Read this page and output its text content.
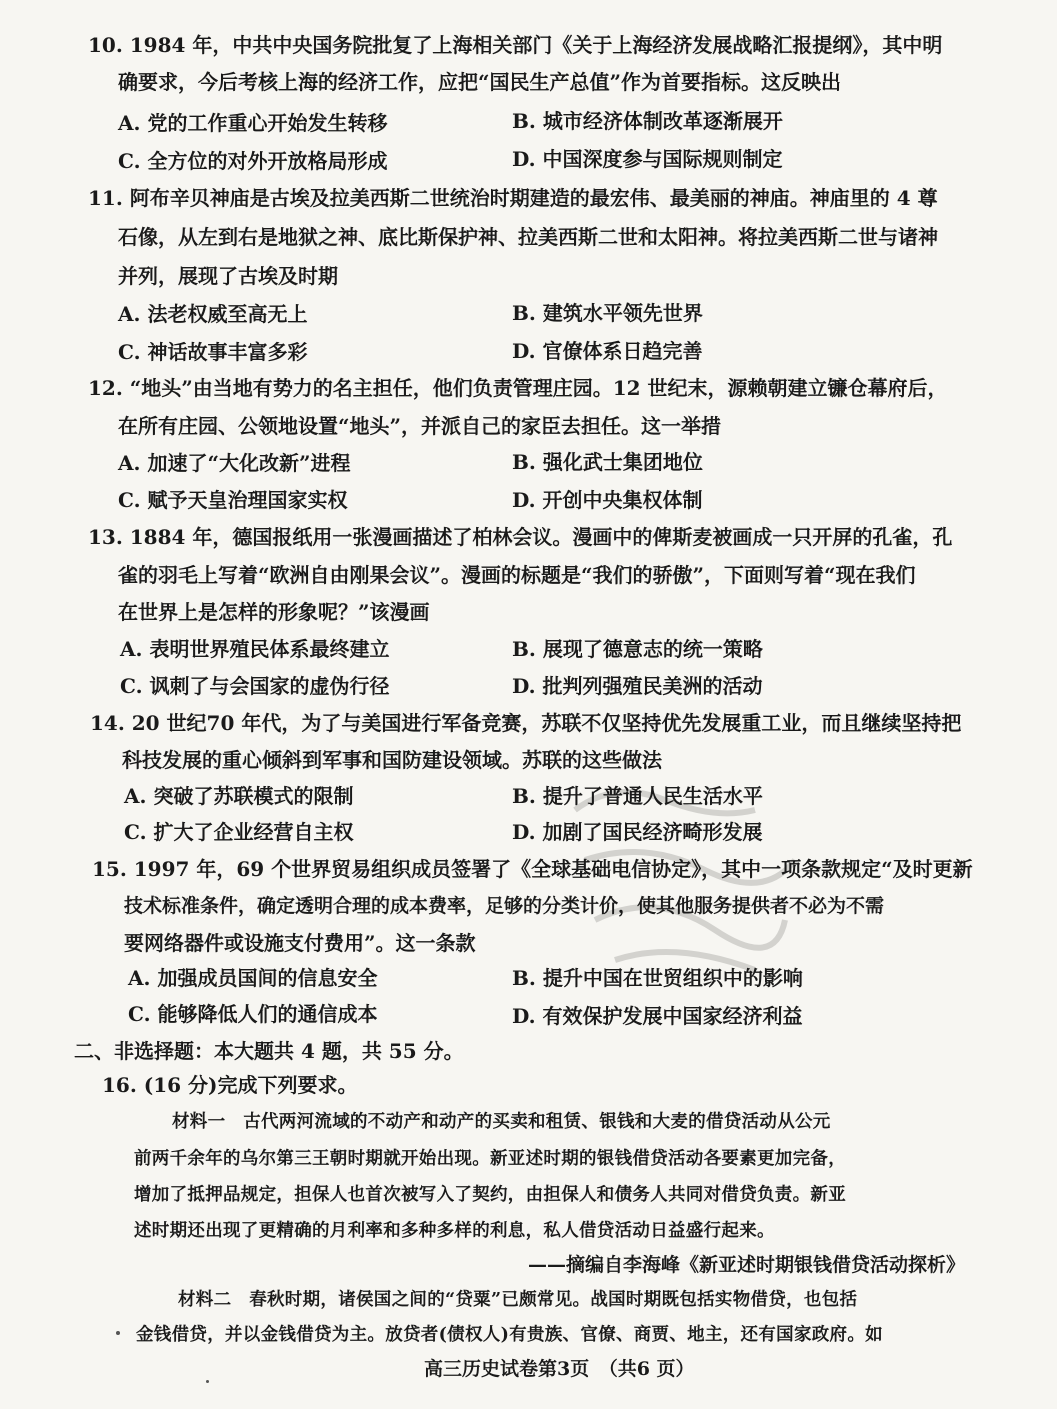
10. 1984 年，中共中央国务院批复了上海相关部门《关于上海经济发展战略汇报提纲》，其中明
确要求，今后考核上海的经济工作，应把“国民生产总值”作为首要指标。这反映出
A. 党的工作重心开始发生转移	B. 城市经济体制改革逐渐展开
C. 全方位的对外开放格局形成	D. 中国深度参与国际规则制定
11. 阿布辛贝神庙是古埃及拉美西斯二世统治时期建造的最宏伟、最美丽的神庙。神庙里的 4 尊
石像，从左到右是地狱之神、底比斯保护神、拉美西斯二世和太阳神。将拉美西斯二世与诸神
并列，展现了古埃及时期
A. 法老权威至高无上	B. 建筑水平领先世界
C. 神话故事丰富多彩	D. 官僚体系日趋完善
12. “地头”由当地有势力的名主担任，他们负责管理庄园。12 世纪末，源赖朝建立镰仓幕府后，
在所有庄园、公领地设置“地头”，并派自己的家臣去担任。这一举措
A. 加速了“大化改新”进程	B. 强化武士集团地位
C. 赋予天皇治理国家实权	D. 开创中央集权体制
13. 1884 年，德国报纸用一张漫画描述了柏林会议。漫画中的俾斯麦被画成一只开屏的孔雀，孔
雀的羽毛上写着“欧洲自由刚果会议”。漫画的标题是“我们的骄傲”，下面则写着“现在我们
在世界上是怎样的形象呢？”该漫画
A. 表明世界殖民体系最终建立	B. 展现了德意志的统一策略
C. 讽刺了与会国家的虚伪行径	D. 批判列强殖民美洲的活动
14. 20 世纪70 年代，为了与美国进行军备竞赛，苏联不仅坚持优先发展重工业，而且继续坚持把
科技发展的重心倾斜到军事和国防建设领域。苏联的这些做法
A. 突破了苏联模式的限制	B. 提升了普通人民生活水平
C. 扩大了企业经营自主权	D. 加剧了国民经济畸形发展
15. 1997 年，69 个世界贸易组织成员签署了《全球基础电信协定》，其中一项条款规定“及时更新
技术标准条件，确定透明合理的成本费率，足够的分类计价，使其他服务提供者不必为不需
要网络器件或设施支付费用”。这一条款
A. 加强成员国间的信息安全	B. 提升中国在世贸组织中的影响
C. 能够降低人们的通信成本	D. 有效保护发展中国家经济利益
二、非选择题：本大题共 4 题，共 55 分。
16. (16 分)完成下列要求。
材料一　古代两河流域的不动产和动产的买卖和租赁、银钱和大麦的借贷活动从公元
前两千余年的乌尔第三王朝时期就开始出现。新亚述时期的银钱借贷活动各要素更加完备，
增加了抵押品规定，担保人也首次被写入了契约，由担保人和债务人共同对借贷负责。新亚
述时期还出现了更精确的月利率和多种多样的利息，私人借贷活动日益盛行起来。
——摘编自李海峰《新亚述时期银钱借贷活动探析》
材料二　春秋时期，诸侯国之间的“贷粟”已颇常见。战国时期既包括实物借贷，也包括
金钱借贷，并以金钱借贷为主。放贷者(债权人)有贵族、官僚、商贾、地主，还有国家政府。如
高三历史试卷第3页　（共6 页）
